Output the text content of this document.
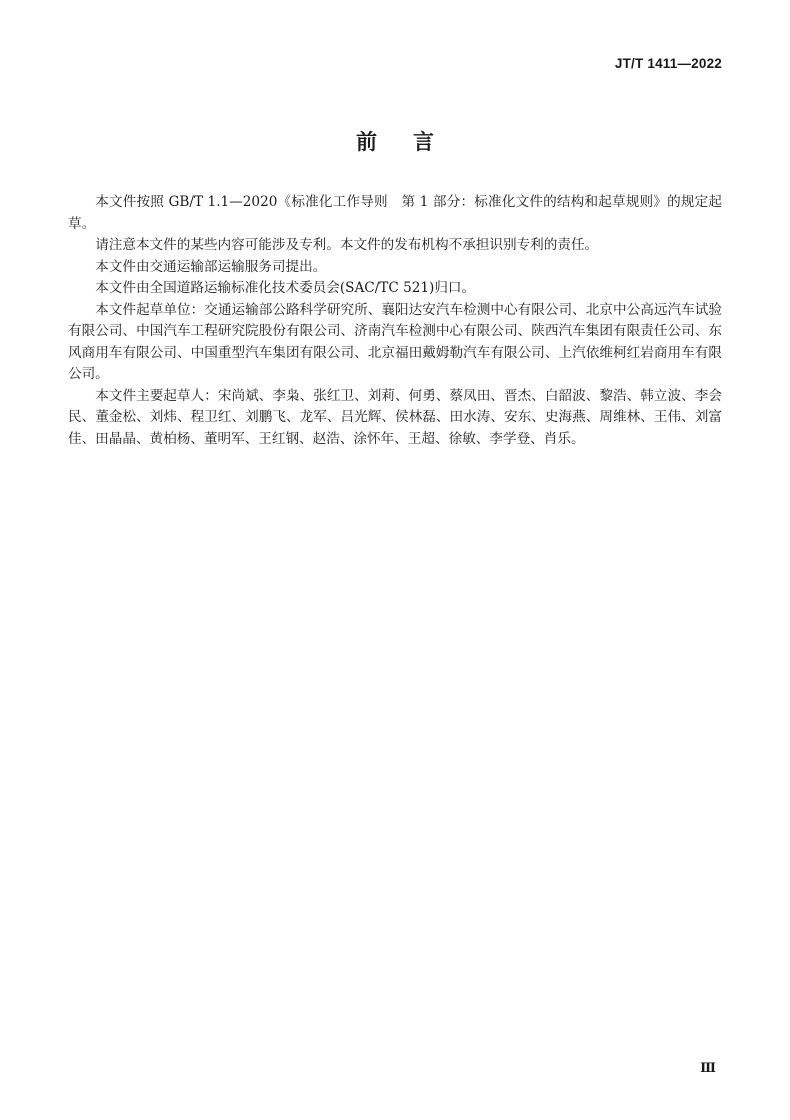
JT/T 1411—2022
前言

本文件按照 GB/T 1.1—2020《标准化工作导则　第 1 部分：标准化文件的结构和起草规则》的规定起草。

请注意本文件的某些内容可能涉及专利。本文件的发布机构不承担识别专利的责任。

本文件由交通运输部运输服务司提出。

本文件由全国道路运输标准化技术委员会(SAC/TC 521)归口。

本文件起草单位：交通运输部公路科学研究所、襄阳达安汽车检测中心有限公司、北京中公高远汽车试验有限公司、中国汽车工程研究院股份有限公司、济南汽车检测中心有限公司、陕西汽车集团有限责任公司、东风商用车有限公司、中国重型汽车集团有限公司、北京福田戴姆勒汽车有限公司、上汽依维柯红岩商用车有限公司。

本文件主要起草人：宋尚斌、李枭、张红卫、刘莉、何勇、蔡凤田、晋杰、白韶波、黎浩、韩立波、李会民、董金松、刘炜、程卫红、刘鹏飞、龙军、吕光辉、侯林磊、田水涛、安东、史海燕、周维林、王伟、刘富佳、田晶晶、黄柏杨、董明军、王红钢、赵浩、涂怀年、王超、徐敏、李学登、肖乐。

Ⅲ
